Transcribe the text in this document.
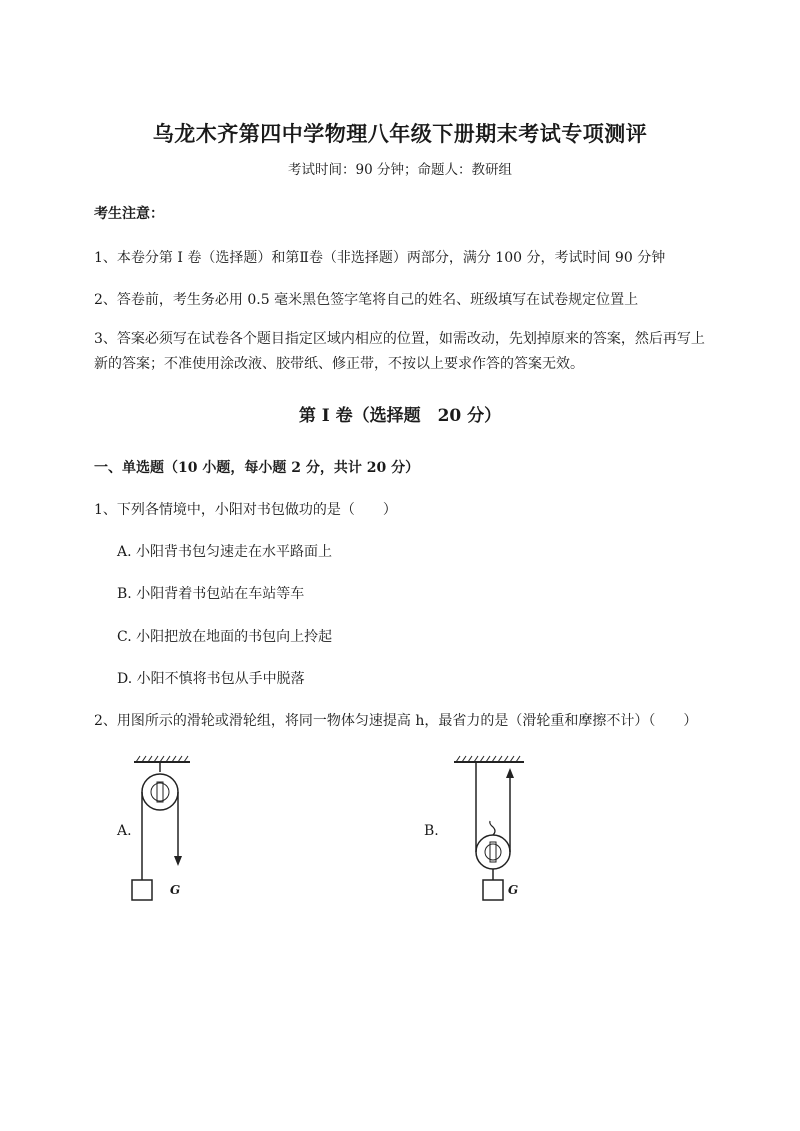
乌龙木齐第四中学物理八年级下册期末考试专项测评
考试时间：90 分钟；命题人：教研组
考生注意：
1、本卷分第 I 卷（选择题）和第Ⅱ卷（非选择题）两部分，满分 100 分，考试时间 90 分钟
2、答卷前，考生务必用 0.5 毫米黑色签字笔将自己的姓名、班级填写在试卷规定位置上
3、答案必须写在试卷各个题目指定区域内相应的位置，如需改动，先划掉原来的答案，然后再写上新的答案；不准使用涂改液、胶带纸、修正带，不按以上要求作答的答案无效。
第 I 卷（选择题　20 分）
一、单选题（10 小题，每小题 2 分，共计 20 分）
1、下列各情境中，小阳对书包做功的是（　　）
A. 小阳背书包匀速走在水平路面上
B. 小阳背着书包站在车站等车
C. 小阳把放在地面的书包向上拎起
D. 小阳不慎将书包从手中脱落
2、用图所示的滑轮或滑轮组，将同一物体匀速提高 h，最省力的是（滑轮重和摩擦不计）（　　）
A.
G
B.
G
